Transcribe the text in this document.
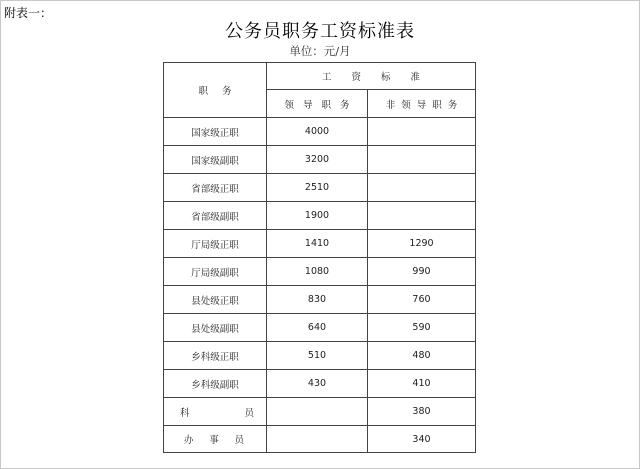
附表一：
公务员职务工资标准表
单位：元/月
职务	工资标准	
	领导职务	非领导职务
国家级正职	4000	
国家级副职	3200	
省部级正职	2510	
省部级副职	1900	
厅局级正职	1410	1290
厅局级副职	1080	990
县处级正职	830	760
县处级副职	640	590
乡科级正职	510	480
乡科级副职	430	410

科 员		380

办 事 员		340
